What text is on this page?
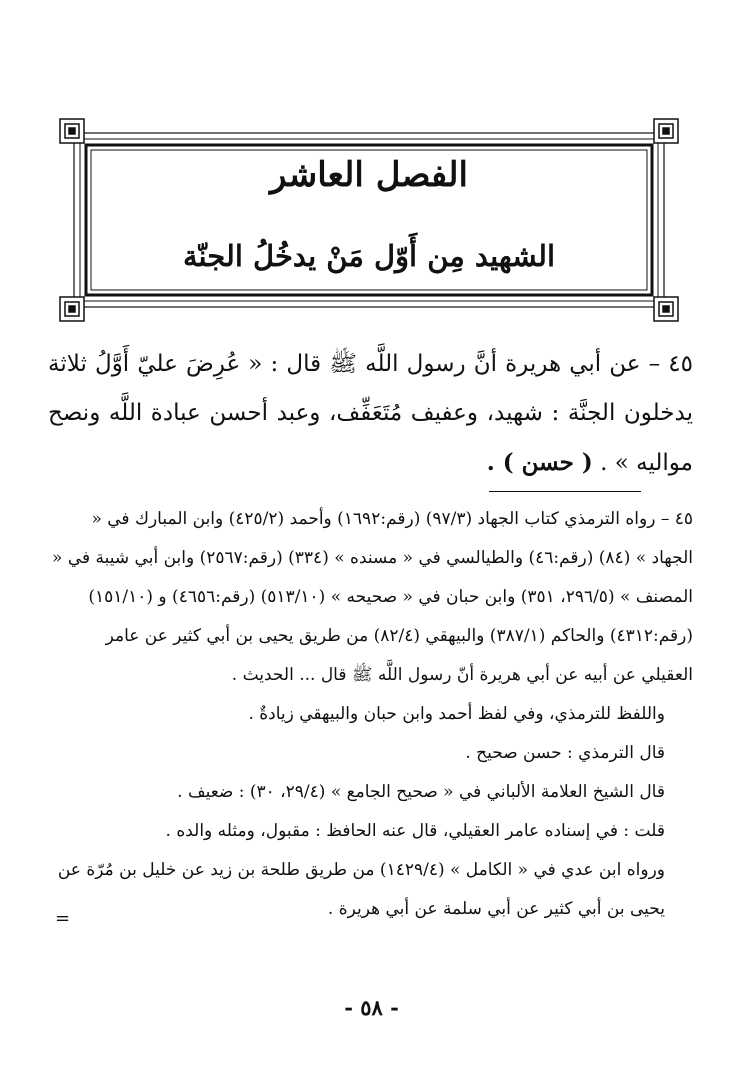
الفصل العاشر
الشهيد مِن أَوّل مَنْ يدخُلُ الجنّة
٤٥ – عن أبي هريرة أنَّ رسول اللَّه ﷺ قال : « عُرِضَ عليّ أَوَّلُ ثلاثة يدخلون الجنَّة : شهيد، وعفيف مُتَعَفِّف، وعبد أحسن عبادة اللَّه ونصح مواليه » . ( حسن ) .

٤٥ – رواه الترمذي كتاب الجهاد (٩٧/٣) (رقم:١٦٩٢) وأحمد (٤٢٥/٢) وابن المبارك في « الجهاد » (٨٤) (رقم:٤٦) والطيالسي في « مسنده » (٣٣٤) (رقم:٢٥٦٧) وابن أبي شيبة في « المصنف » (٢٩٦/٥، ٣٥١) وابن حبان في « صحيحه » (٥١٣/١٠) (رقم:٤٦٥٦) و (١٥١/١٠) (رقم:٤٣١٢) والحاكم (٣٨٧/١) والبيهقي (٨٢/٤) من طريق يحيى بن أبي كثير عن عامر العقيلي عن أبيه عن أبي هريرة أنّ رسول اللَّه ﷺ قال ... الحديث .

واللفظ للترمذي، وفي لفظ أحمد وابن حبان والبيهقي زيادةٌ .

قال الترمذي : حسن صحيح .

قال الشيخ العلامة الألباني في « صحيح الجامع » (٢٩/٤، ٣٠) : ضعيف .

قلت : في إسناده عامر العقيلي، قال عنه الحافظ : مقبول، ومثله والده .

ورواه ابن عدي في « الكامل » (١٤٢٩/٤) من طريق طلحة بن زيد عن خليل بن مُرّة عن يحيى بن أبي كثير عن أبي سلمة عن أبي هريرة .

=
- ٥٨ -
